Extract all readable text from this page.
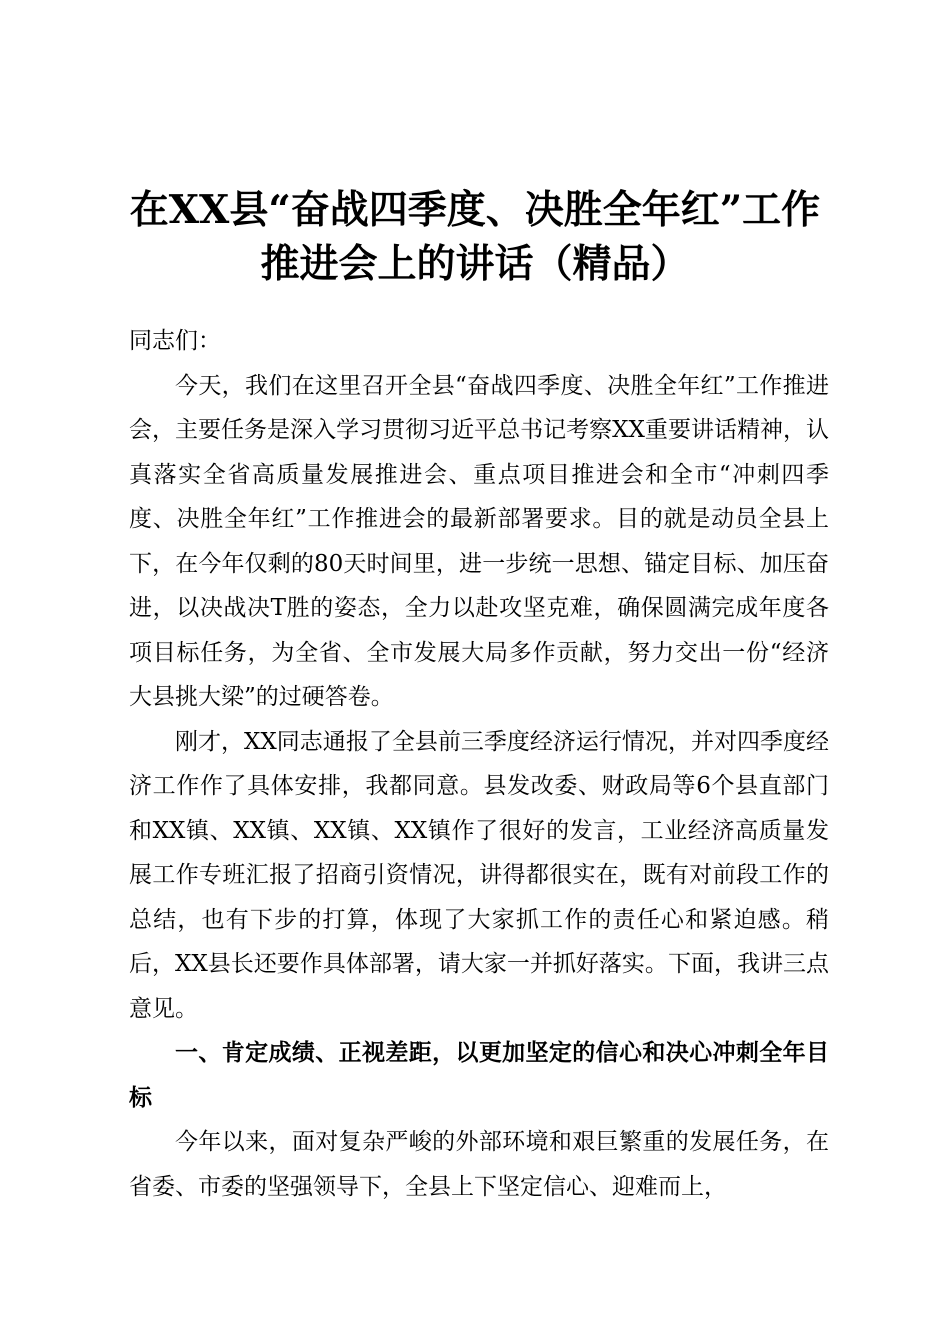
在XX县“奋战四季度、决胜全年红”工作
推进会上的讲话（精品）

同志们：

今天，我们在这里召开全县“奋战四季度、决胜全年红”工作推进会，主要任务是深入学习贯彻习近平总书记考察XX重要讲话精神，认真落实全省高质量发展推进会、重点项目推进会和全市“冲刺四季度、决胜全年红”工作推进会的最新部署要求。目的就是动员全县上下，在今年仅剩的80天时间里，进一步统一思想、锚定目标、加压奋进，以决战决T胜的姿态，全力以赴攻坚克难，确保圆满完成年度各项目标任务，为全省、全市发展大局多作贡献，努力交出一份“经济大县挑大梁”的过硬答卷。

刚才，XX同志通报了全县前三季度经济运行情况，并对四季度经济工作作了具体安排，我都同意。县发改委、财政局等6个县直部门和XX镇、XX镇、XX镇、XX镇作了很好的发言，工业经济高质量发展工作专班汇报了招商引资情况，讲得都很实在，既有对前段工作的总结，也有下步的打算，体现了大家抓工作的责任心和紧迫感。稍后，XX县长还要作具体部署，请大家一并抓好落实。下面，我讲三点意见。

一、肯定成绩、正视差距，以更加坚定的信心和决心冲刺全年目标

今年以来，面对复杂严峻的外部环境和艰巨繁重的发展任务，在省委、市委的坚强领导下，全县上下坚定信心、迎难而上，
